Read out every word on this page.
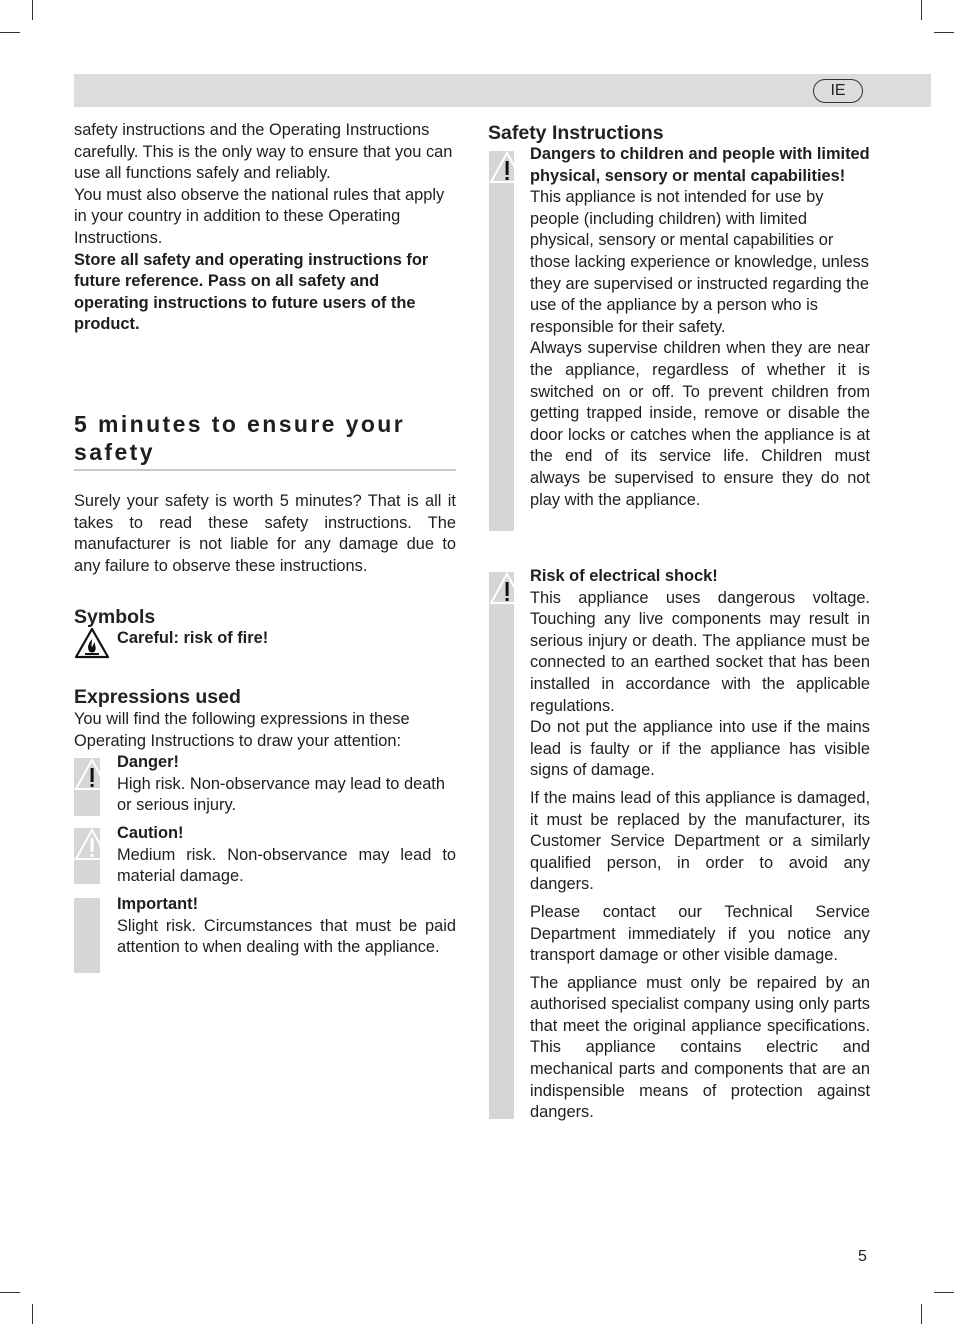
IE

safety instructions and the Operating Instructions carefully. This is the only way to ensure that you can use all functions safely and reliably.

You must also observe the national rules that apply in your country in addition to these Operating Instructions.

Store all safety and operating instructions for future reference. Pass on all safety and operating instructions to future users of the product.

5 minutes to ensure your safety

Surely your safety is worth 5 minutes? That is all it takes to read these safety instructions. The manufacturer is not liable for any damage due to any failure to observe these instructions.

Symbols
Careful: risk of fire!
Expressions used

You will find the following expressions in these Operating Instructions to draw your attention:

Danger!

High risk. Non-observance may lead to death or serious injury.

Caution!

Medium risk. Non-observance may lead to material damage.

Important!

Slight risk. Circumstances that must be paid attention to when dealing with the appliance.

Safety Instructions

Dangers to children and people with limited physical, sensory or mental capabilities!

This appliance is not intended for use by people (including children) with limited physical, sensory or mental capabilities or those lacking experience or knowledge, unless they are supervised or instructed regarding the use of the appliance by a person who is responsible for their safety.

Always supervise children when they are near the appliance, regardless of whether it is switched on or off. To prevent children from getting trapped inside, remove or disable the door locks or catches when the appliance is at the end of its service life. Children must always be supervised to ensure they do not play with the appliance.

Risk of electrical shock!

This appliance uses dangerous voltage. Touching any live components may result in serious injury or death. The appliance must be connected to an earthed socket that has been installed in accordance with the applicable regulations.

Do not put the appliance into use if the mains lead is faulty or if the appliance has visible signs of damage.

If the mains lead of this appliance is damaged, it must be replaced by the manufacturer, its Customer Service Department or a similarly qualified person, in order to avoid any dangers.

Please contact our Technical Service Department immediately if you notice any transport damage or other visible damage.

The appliance must only be repaired by an authorised specialist company using only parts that meet the original appliance specifications. This appliance contains electric and mechanical parts and components that are an indispensible means of protection against dangers.

5
